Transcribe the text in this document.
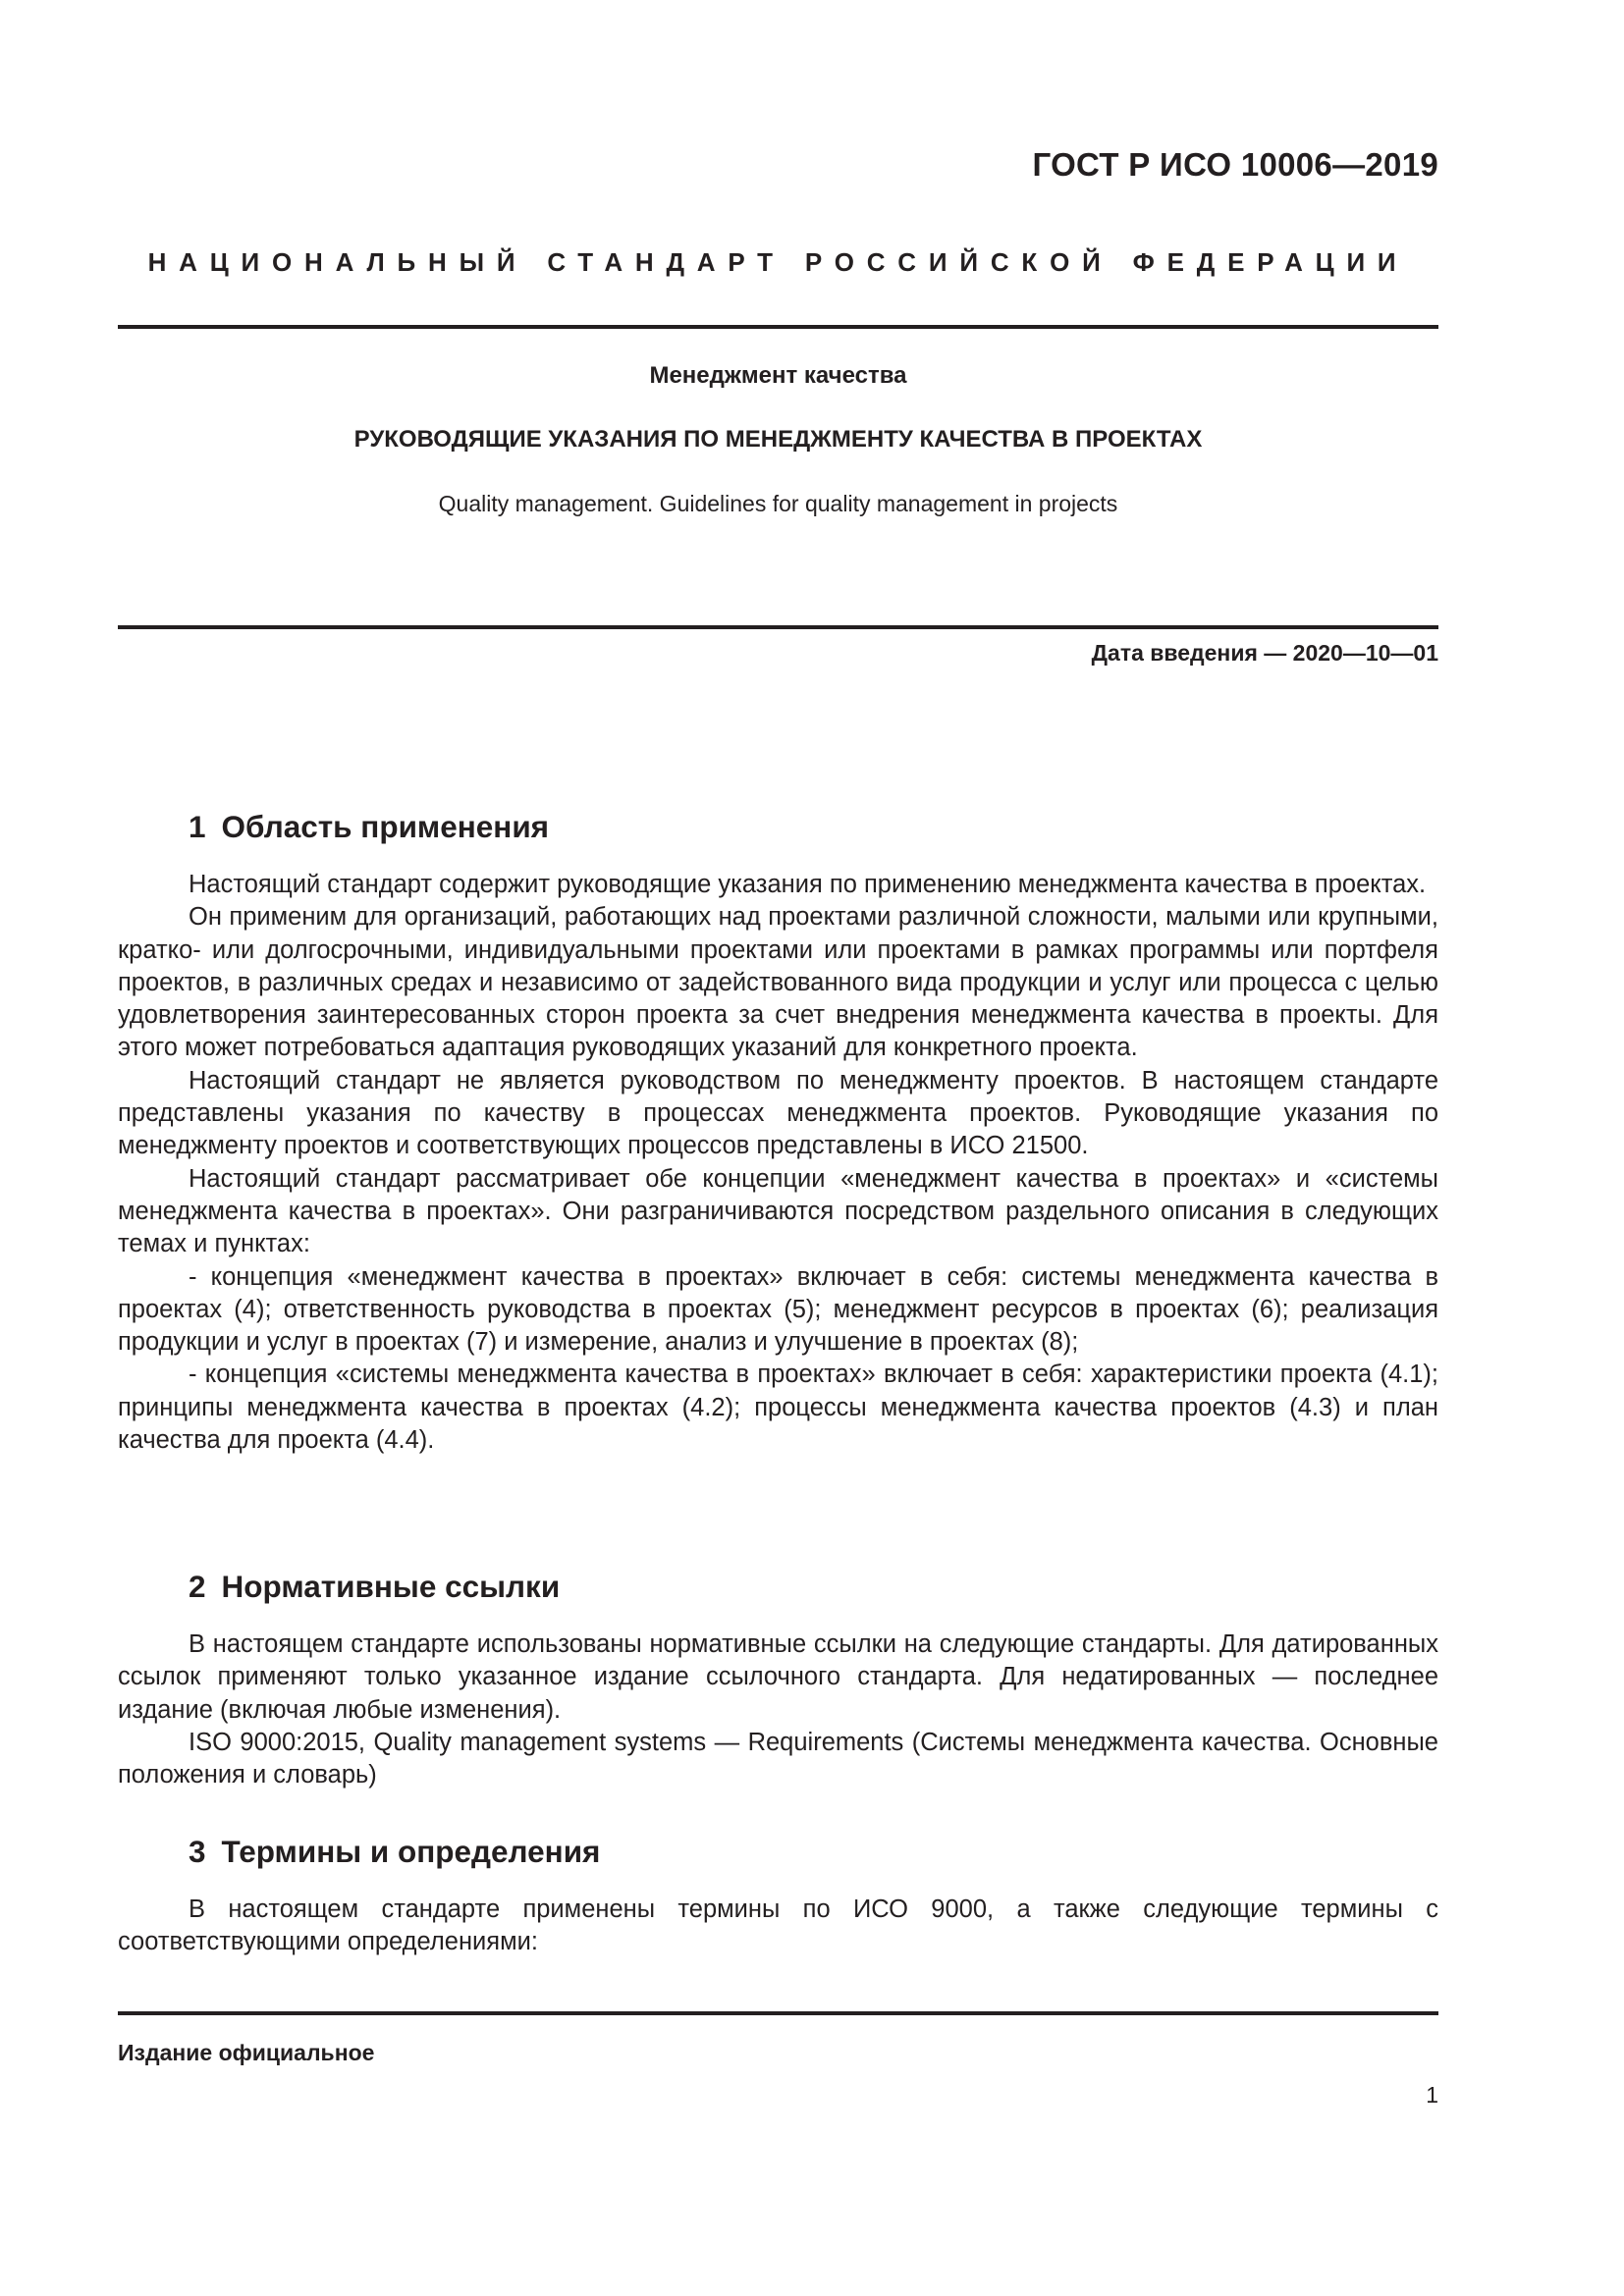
ГОСТ Р ИСО 10006—2019

НАЦИОНАЛЬНЫЙ СТАНДАРТ РОССИЙСКОЙ ФЕДЕРАЦИИ

Менеджмент качества

РУКОВОДЯЩИЕ УКАЗАНИЯ ПО МЕНЕДЖМЕНТУ КАЧЕСТВА В ПРОЕКТАХ

Quality management. Guidelines for quality management in projects

Дата введения — 2020—10—01

1 Область применения

Настоящий стандарт содержит руководящие указания по применению менеджмента качества в проектах.

Он применим для организаций, работающих над проектами различной сложности, малыми или крупными, кратко- или долгосрочными, индивидуальными проектами или проектами в рамках программы или портфеля проектов, в различных средах и независимо от задействованного вида продукции и услуг или процесса с целью удовлетворения заинтересованных сторон проекта за счет внедрения менеджмента качества в проекты. Для этого может потребоваться адаптация руководящих указаний для конкретного проекта.

Настоящий стандарт не является руководством по менеджменту проектов. В настоящем стандарте представлены указания по качеству в процессах менеджмента проектов. Руководящие указания по менеджменту проектов и соответствующих процессов представлены в ИСО 21500.

Настоящий стандарт рассматривает обе концепции «менеджмент качества в проектах» и «системы менеджмента качества в проектах». Они разграничиваются посредством раздельного описания в следующих темах и пунктах:

- концепция «менеджмент качества в проектах» включает в себя: системы менеджмента качества в проектах (4); ответственность руководства в проектах (5); менеджмент ресурсов в проектах (6); реализация продукции и услуг в проектах (7) и измерение, анализ и улучшение в проектах (8);

- концепция «системы менеджмента качества в проектах» включает в себя: характеристики проекта (4.1); принципы менеджмента качества в проектах (4.2); процессы менеджмента качества проектов (4.3) и план качества для проекта (4.4).

2 Нормативные ссылки

В настоящем стандарте использованы нормативные ссылки на следующие стандарты. Для датированных ссылок применяют только указанное издание ссылочного стандарта. Для недатированных — последнее издание (включая любые изменения).

ISO 9000:2015, Quality management systems — Requirements (Системы менеджмента качества. Основные положения и словарь)

3 Термины и определения

В настоящем стандарте применены термины по ИСО 9000, а также следующие термины с соответствующими определениями:

Издание официальное

1
